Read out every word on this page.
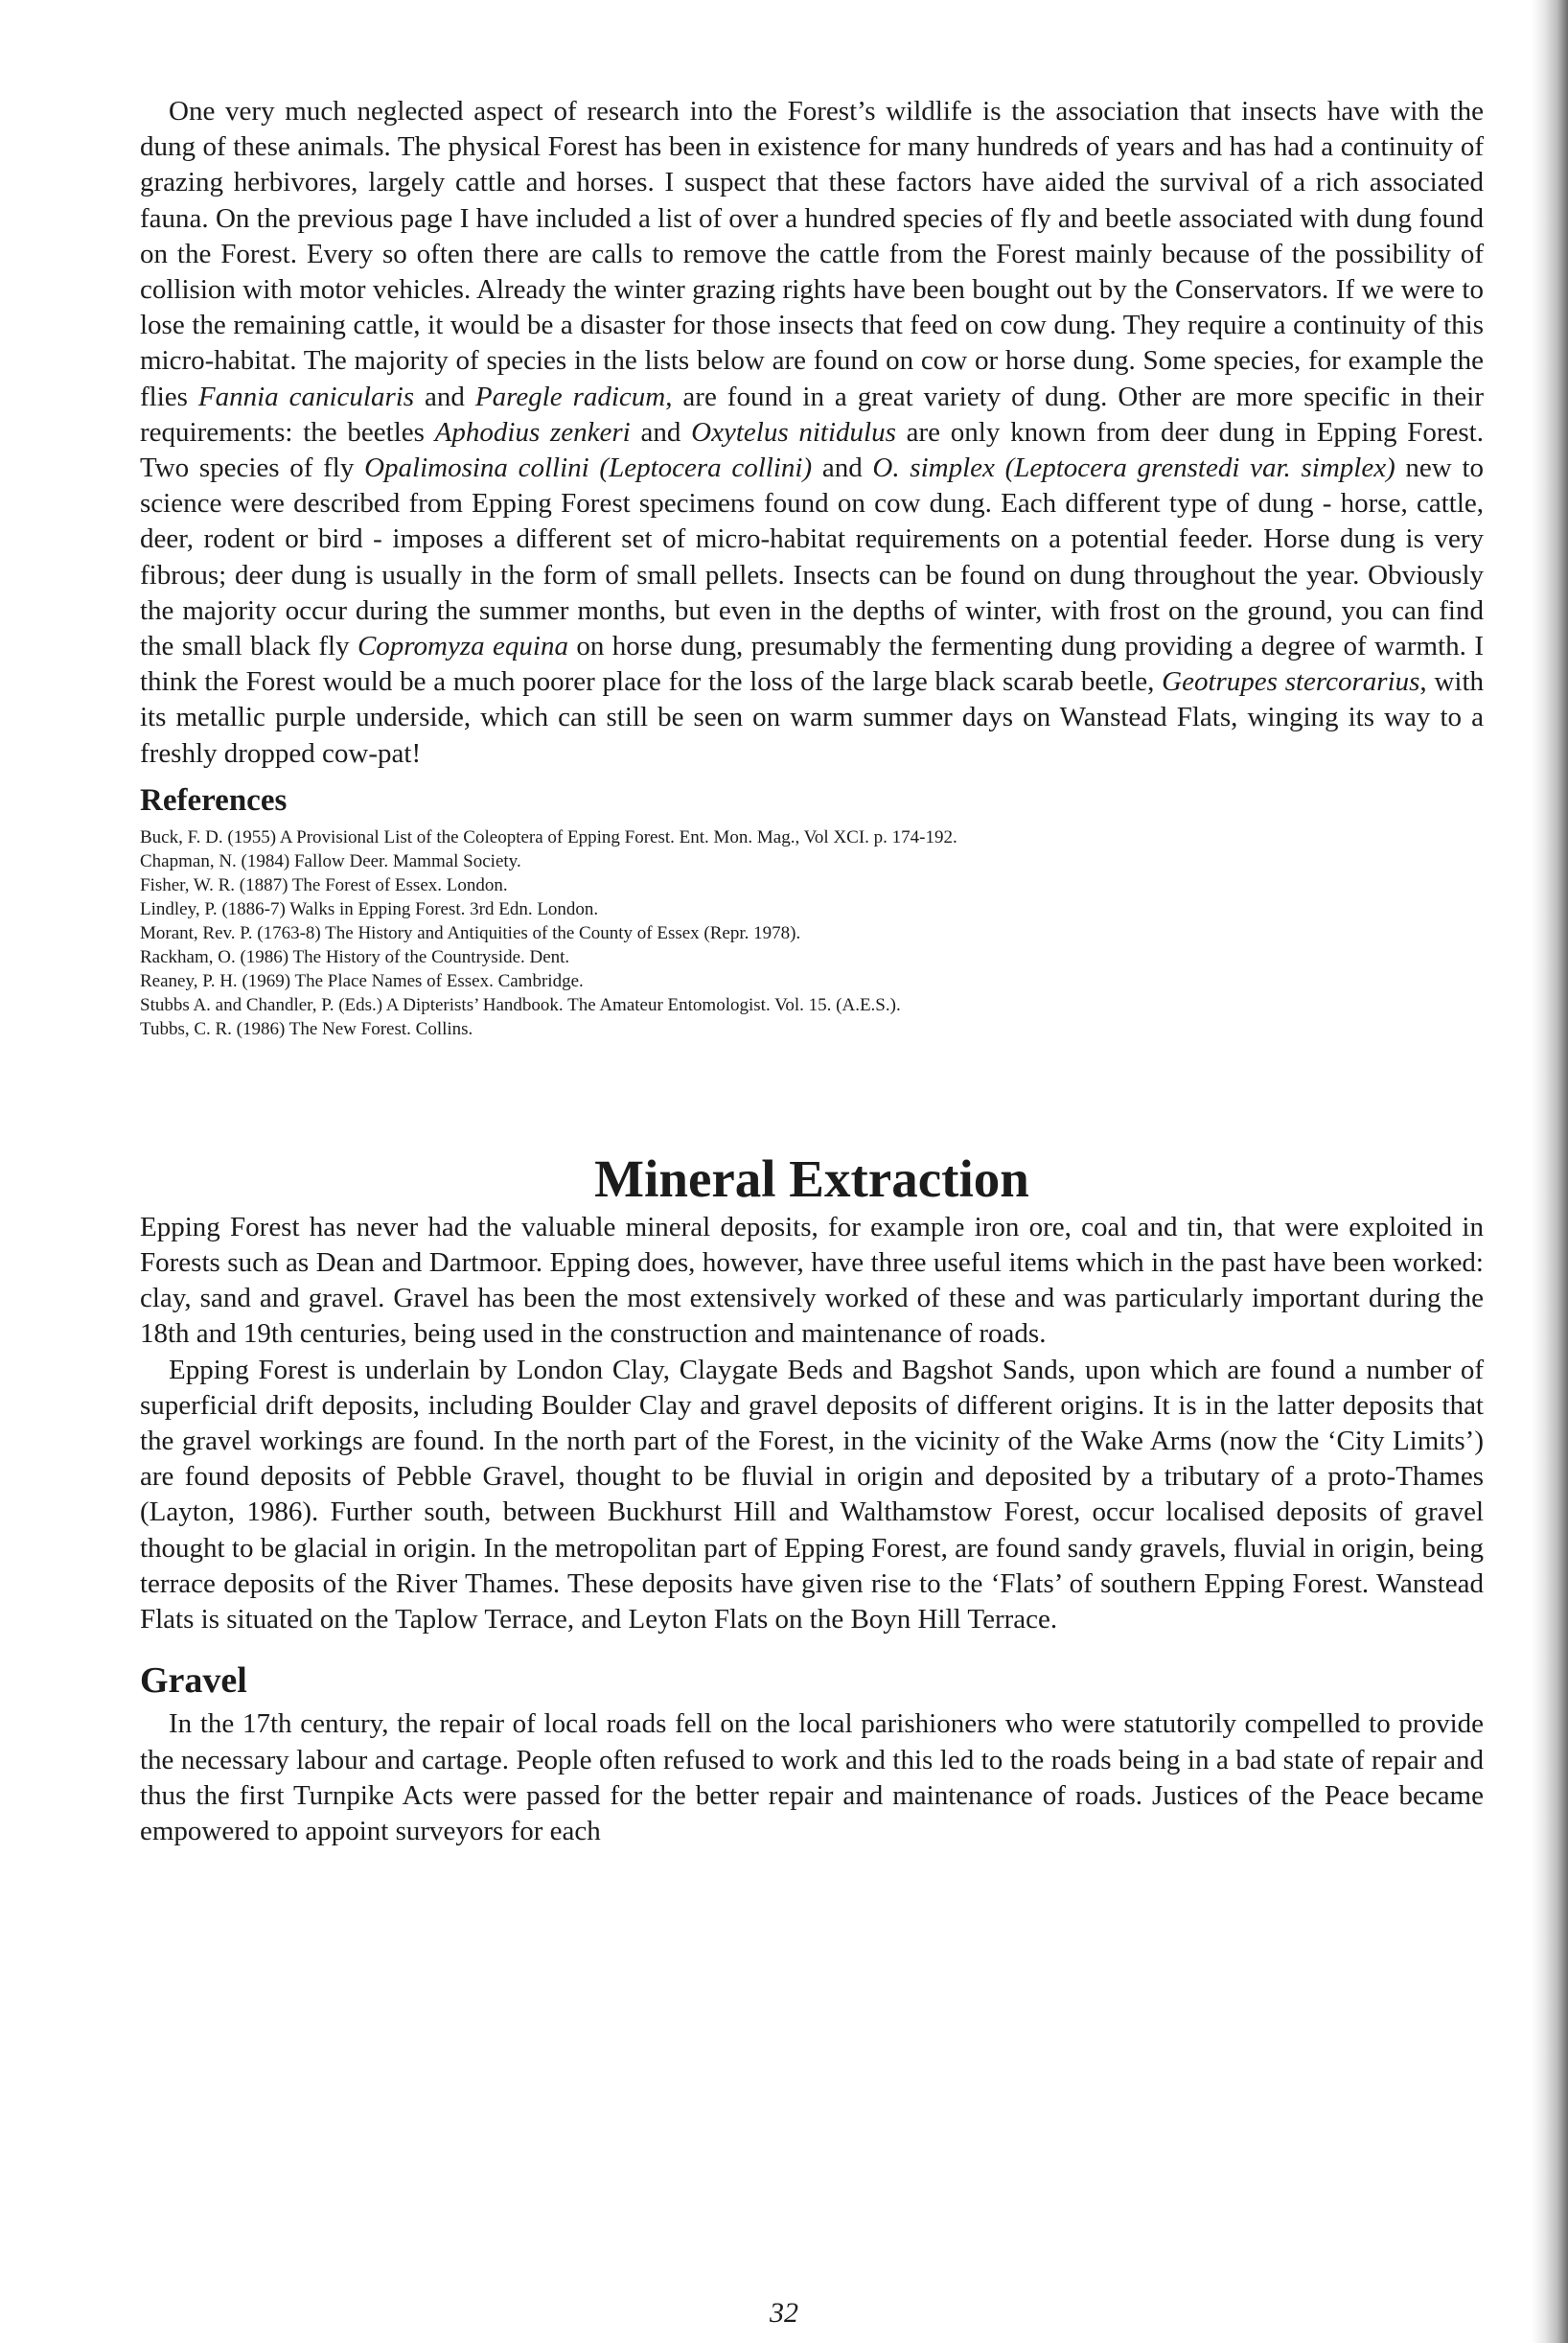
One very much neglected aspect of research into the Forest’s wildlife is the association that insects have with the dung of these animals. The physical Forest has been in existence for many hundreds of years and has had a continuity of grazing herbivores, largely cattle and horses. I suspect that these factors have aided the survival of a rich associated fauna. On the previous page I have included a list of over a hundred species of fly and beetle associated with dung found on the Forest. Every so often there are calls to remove the cattle from the Forest mainly because of the possibility of collision with motor vehicles. Already the winter grazing rights have been bought out by the Conservators. If we were to lose the remaining cattle, it would be a disaster for those insects that feed on cow dung. They require a continuity of this micro-habitat. The majority of species in the lists below are found on cow or horse dung. Some species, for example the flies Fannia canicularis and Paregle radicum, are found in a great variety of dung. Other are more specific in their requirements: the beetles Aphodius zenkeri and Oxytelus nitidulus are only known from deer dung in Epping Forest. Two species of fly Opalimosina collini (Leptocera collini) and O. simplex (Leptocera grenstedi var. simplex) new to science were described from Epping Forest specimens found on cow dung. Each different type of dung - horse, cattle, deer, rodent or bird - imposes a different set of micro-habitat requirements on a potential feeder. Horse dung is very fibrous; deer dung is usually in the form of small pellets. Insects can be found on dung throughout the year. Obviously the majority occur during the summer months, but even in the depths of winter, with frost on the ground, you can find the small black fly Copromyza equina on horse dung, presumably the fermenting dung providing a degree of warmth. I think the Forest would be a much poorer place for the loss of the large black scarab beetle, Geotrupes stercorarius, with its metallic purple underside, which can still be seen on warm summer days on Wanstead Flats, winging its way to a freshly dropped cow-pat!

References

Buck, F. D. (1955) A Provisional List of the Coleoptera of Epping Forest. Ent. Mon. Mag., Vol XCI. p. 174-192.

Chapman, N. (1984) Fallow Deer. Mammal Society.

Fisher, W. R. (1887) The Forest of Essex. London.

Lindley, P. (1886-7) Walks in Epping Forest. 3rd Edn. London.

Morant, Rev. P. (1763-8) The History and Antiquities of the County of Essex (Repr. 1978).

Rackham, O. (1986) The History of the Countryside. Dent.

Reaney, P. H. (1969) The Place Names of Essex. Cambridge.

Stubbs A. and Chandler, P. (Eds.) A Dipterists’ Handbook. The Amateur Entomologist. Vol. 15. (A.E.S.).

Tubbs, C. R. (1986) The New Forest. Collins.

Mineral Extraction

Epping Forest has never had the valuable mineral deposits, for example iron ore, coal and tin, that were exploited in Forests such as Dean and Dartmoor. Epping does, however, have three useful items which in the past have been worked: clay, sand and gravel. Gravel has been the most extensively worked of these and was particularly important during the 18th and 19th centuries, being used in the construction and maintenance of roads.

Epping Forest is underlain by London Clay, Claygate Beds and Bagshot Sands, upon which are found a number of superficial drift deposits, including Boulder Clay and gravel deposits of different origins. It is in the latter deposits that the gravel workings are found. In the north part of the Forest, in the vicinity of the Wake Arms (now the ‘City Limits’) are found deposits of Pebble Gravel, thought to be fluvial in origin and deposited by a tributary of a proto-Thames (Layton, 1986). Further south, between Buckhurst Hill and Walthamstow Forest, occur localised deposits of gravel thought to be glacial in origin. In the metropolitan part of Epping Forest, are found sandy gravels, fluvial in origin, being terrace deposits of the River Thames. These deposits have given rise to the ‘Flats’ of southern Epping Forest. Wanstead Flats is situated on the Taplow Terrace, and Leyton Flats on the Boyn Hill Terrace.

Gravel

In the 17th century, the repair of local roads fell on the local parishioners who were statutorily compelled to provide the necessary labour and cartage. People often refused to work and this led to the roads being in a bad state of repair and thus the first Turnpike Acts were passed for the better repair and maintenance of roads. Justices of the Peace became empowered to appoint surveyors for each

32
